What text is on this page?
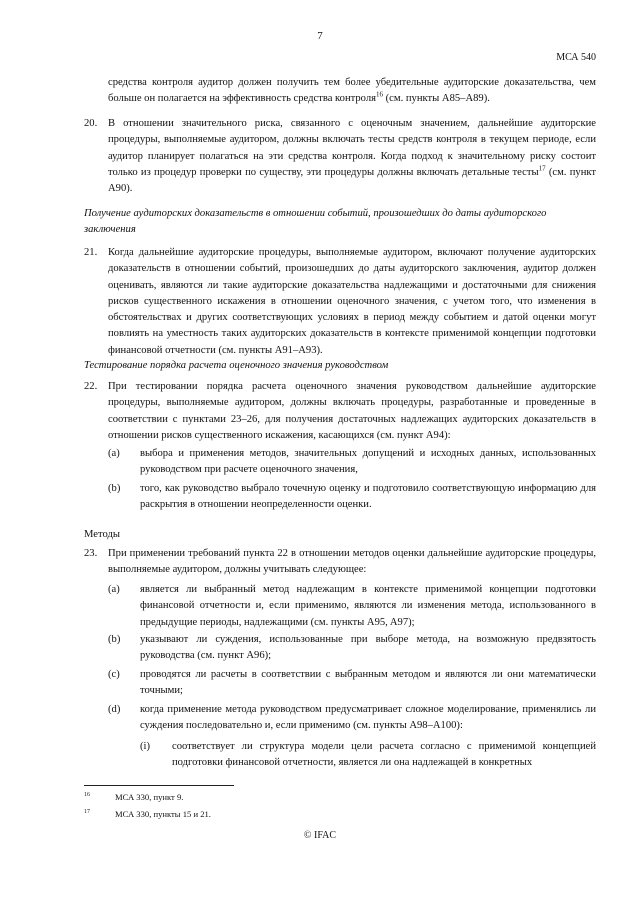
7
МСА 540
средства контроля аудитор должен получить тем более убедительные аудиторские доказательства, чем больше он полагается на эффективность средства контроля$^{16}$ (см. пункты A85–A89).
20. В отношении значительного риска, связанного с оценочным значением, дальнейшие аудиторские процедуры, выполняемые аудитором, должны включать тесты средств контроля в текущем периоде, если аудитор планирует полагаться на эти средства контроля. Когда подход к значительному риску состоит только из процедур проверки по существу, эти процедуры должны включать детальные тесты$^{17}$ (см. пункт A90).
Получение аудиторских доказательств в отношении событий, произошедших до даты аудиторского заключения
21. Когда дальнейшие аудиторские процедуры, выполняемые аудитором, включают получение аудиторских доказательств в отношении событий, произошедших до даты аудиторского заключения, аудитор должен оценивать, являются ли такие аудиторские доказательства надлежащими и достаточными для снижения рисков существенного искажения в отношении оценочного значения, с учетом того, что изменения в обстоятельствах и других соответствующих условиях в период между событием и датой оценки могут повлиять на уместность таких аудиторских доказательств в контексте применимой концепции подготовки финансовой отчетности (см. пункты A91–A93).
Тестирование порядка расчета оценочного значения руководством
22. При тестировании порядка расчета оценочного значения руководством дальнейшие аудиторские процедуры, выполняемые аудитором, должны включать процедуры, разработанные и проведенные в соответствии с пунктами 23–26, для получения достаточных надлежащих аудиторских доказательств в отношении рисков существенного искажения, касающихся (см. пункт A94):
(a) выбора и применения методов, значительных допущений и исходных данных, использованных руководством при расчете оценочного значения,
(b) того, как руководство выбрало точечную оценку и подготовило соответствующую информацию для раскрытия в отношении неопределенности оценки.
Методы
23. При применении требований пункта 22 в отношении методов оценки дальнейшие аудиторские процедуры, выполняемые аудитором, должны учитывать следующее:
(a) является ли выбранный метод надлежащим в контексте применимой концепции подготовки финансовой отчетности и, если применимо, являются ли изменения метода, использованного в предыдущие периоды, надлежащими (см. пункты A95, A97);
(b) указывают ли суждения, использованные при выборе метода, на возможную предвзятость руководства (см. пункт A96);
(c) проводятся ли расчеты в соответствии с выбранным методом и являются ли они математически точными;
(d) когда применение метода руководством предусматривает сложное моделирование, применялись ли суждения последовательно и, если применимо (см. пункты A98–A100):
(i) соответствует ли структура модели цели расчета согласно с применимой концепцией подготовки финансовой отчетности, является ли она надлежащей в конкретных
$^{16}$	МСА 330, пункт 9.
$^{17}$	МСА 330, пункты 15 и 21.
© IFAC
